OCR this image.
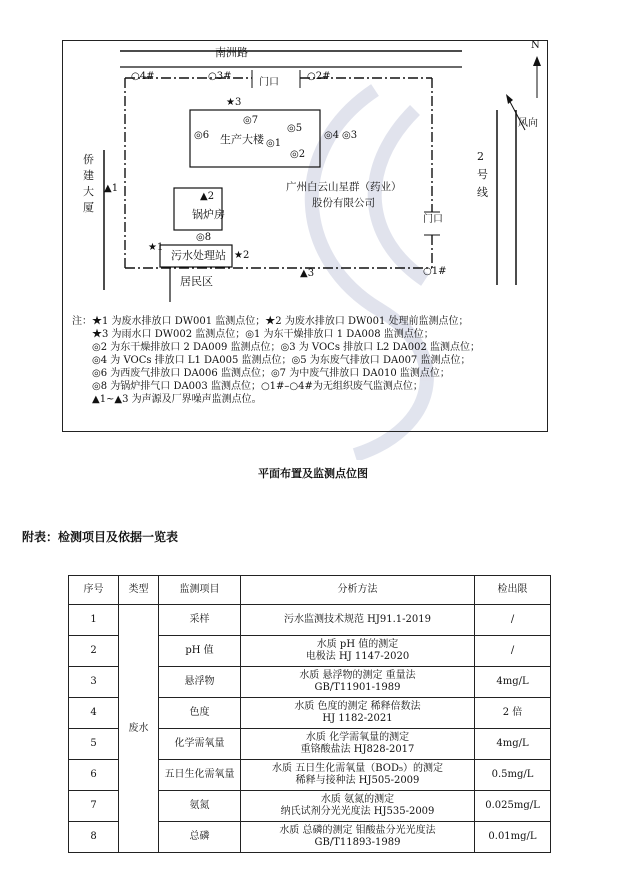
南洲路
侨建大厦
2号线
N
风向
○4#	○3#	○2#
门口
★3
◎7
◎6 生产大楼
◎5
◎4 ◎3
◎1
◎2
▲1
▲2
锅炉房
广州白云山星群（药业）
股份有限公司
门口
◎8
★1
污水处理站 ★2
▲3	○1#
居民区
注：★1 为废水排放口 DW001 监测点位；★2 为废水排放口 DW001 处理前监测点位；
★3 为雨水口 DW002 监测点位；◎1 为东干燥排放口 1 DA008 监测点位；
◎2 为东干燥排放口 2 DA009 监测点位；◎3 为 VOCs 排放口 L2 DA002 监测点位；
◎4 为 VOCs 排放口 L1 DA005 监测点位；◎5 为东废气排放口 DA007 监测点位；
◎6 为西废气排放口 DA006 监测点位；◎7 为中废气排放口 DA010 监测点位；
◎8 为锅炉排气口 DA003 监测点位；○1#–○4#为无组织废气监测点位；
▲1~▲3 为声源及厂界噪声监测点位。
平面布置及监测点位图
附表：检测项目及依据一览表
序号	类型	监测项目	分析方法	检出限
1	废水	采样	污水监测技术规范 HJ91.1-2019	/
2		pH 值	水质 pH 值的测定
电极法 HJ 1147-2020	/
3		悬浮物	水质 悬浮物的测定 重量法
GB/T11901-1989	4mg/L
4		色度	水质 色度的测定 稀释倍数法
HJ 1182-2021	2 倍
5		化学需氧量	水质 化学需氧量的测定
重铬酸盐法 HJ828-2017	4mg/L
6		五日生化需氧量	水质 五日生化需氧量（BOD₅）的测定
稀释与接种法 HJ505-2009	0.5mg/L
7		氨氮	水质 氨氮的测定
纳氏试剂分光光度法 HJ535-2009	0.025mg/L
8		总磷	水质 总磷的测定 钼酸盐分光光度法
GB/T11893-1989	0.01mg/L
